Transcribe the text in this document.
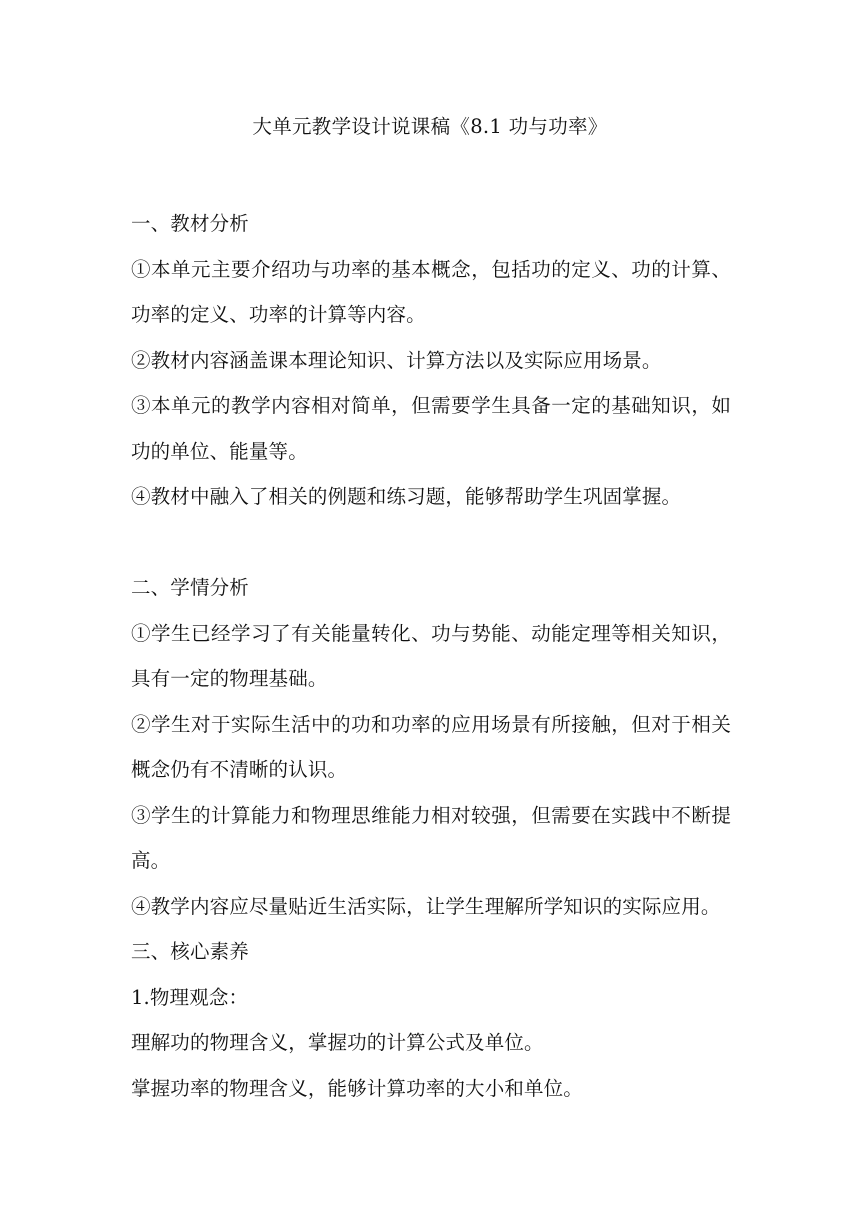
大单元教学设计说课稿《8.1 功与功率》

一、教材分析

①本单元主要介绍功与功率的基本概念，包括功的定义、功的计算、功率的定义、功率的计算等内容。

②教材内容涵盖课本理论知识、计算方法以及实际应用场景。

③本单元的教学内容相对简单，但需要学生具备一定的基础知识，如功的单位、能量等。

④教材中融入了相关的例题和练习题，能够帮助学生巩固掌握。

二、学情分析

①学生已经学习了有关能量转化、功与势能、动能定理等相关知识，具有一定的物理基础。

②学生对于实际生活中的功和功率的应用场景有所接触，但对于相关概念仍有不清晰的认识。

③学生的计算能力和物理思维能力相对较强，但需要在实践中不断提高。

④教学内容应尽量贴近生活实际，让学生理解所学知识的实际应用。

三、核心素养

1.物理观念：

理解功的物理含义，掌握功的计算公式及单位。

掌握功率的物理含义，能够计算功率的大小和单位。
